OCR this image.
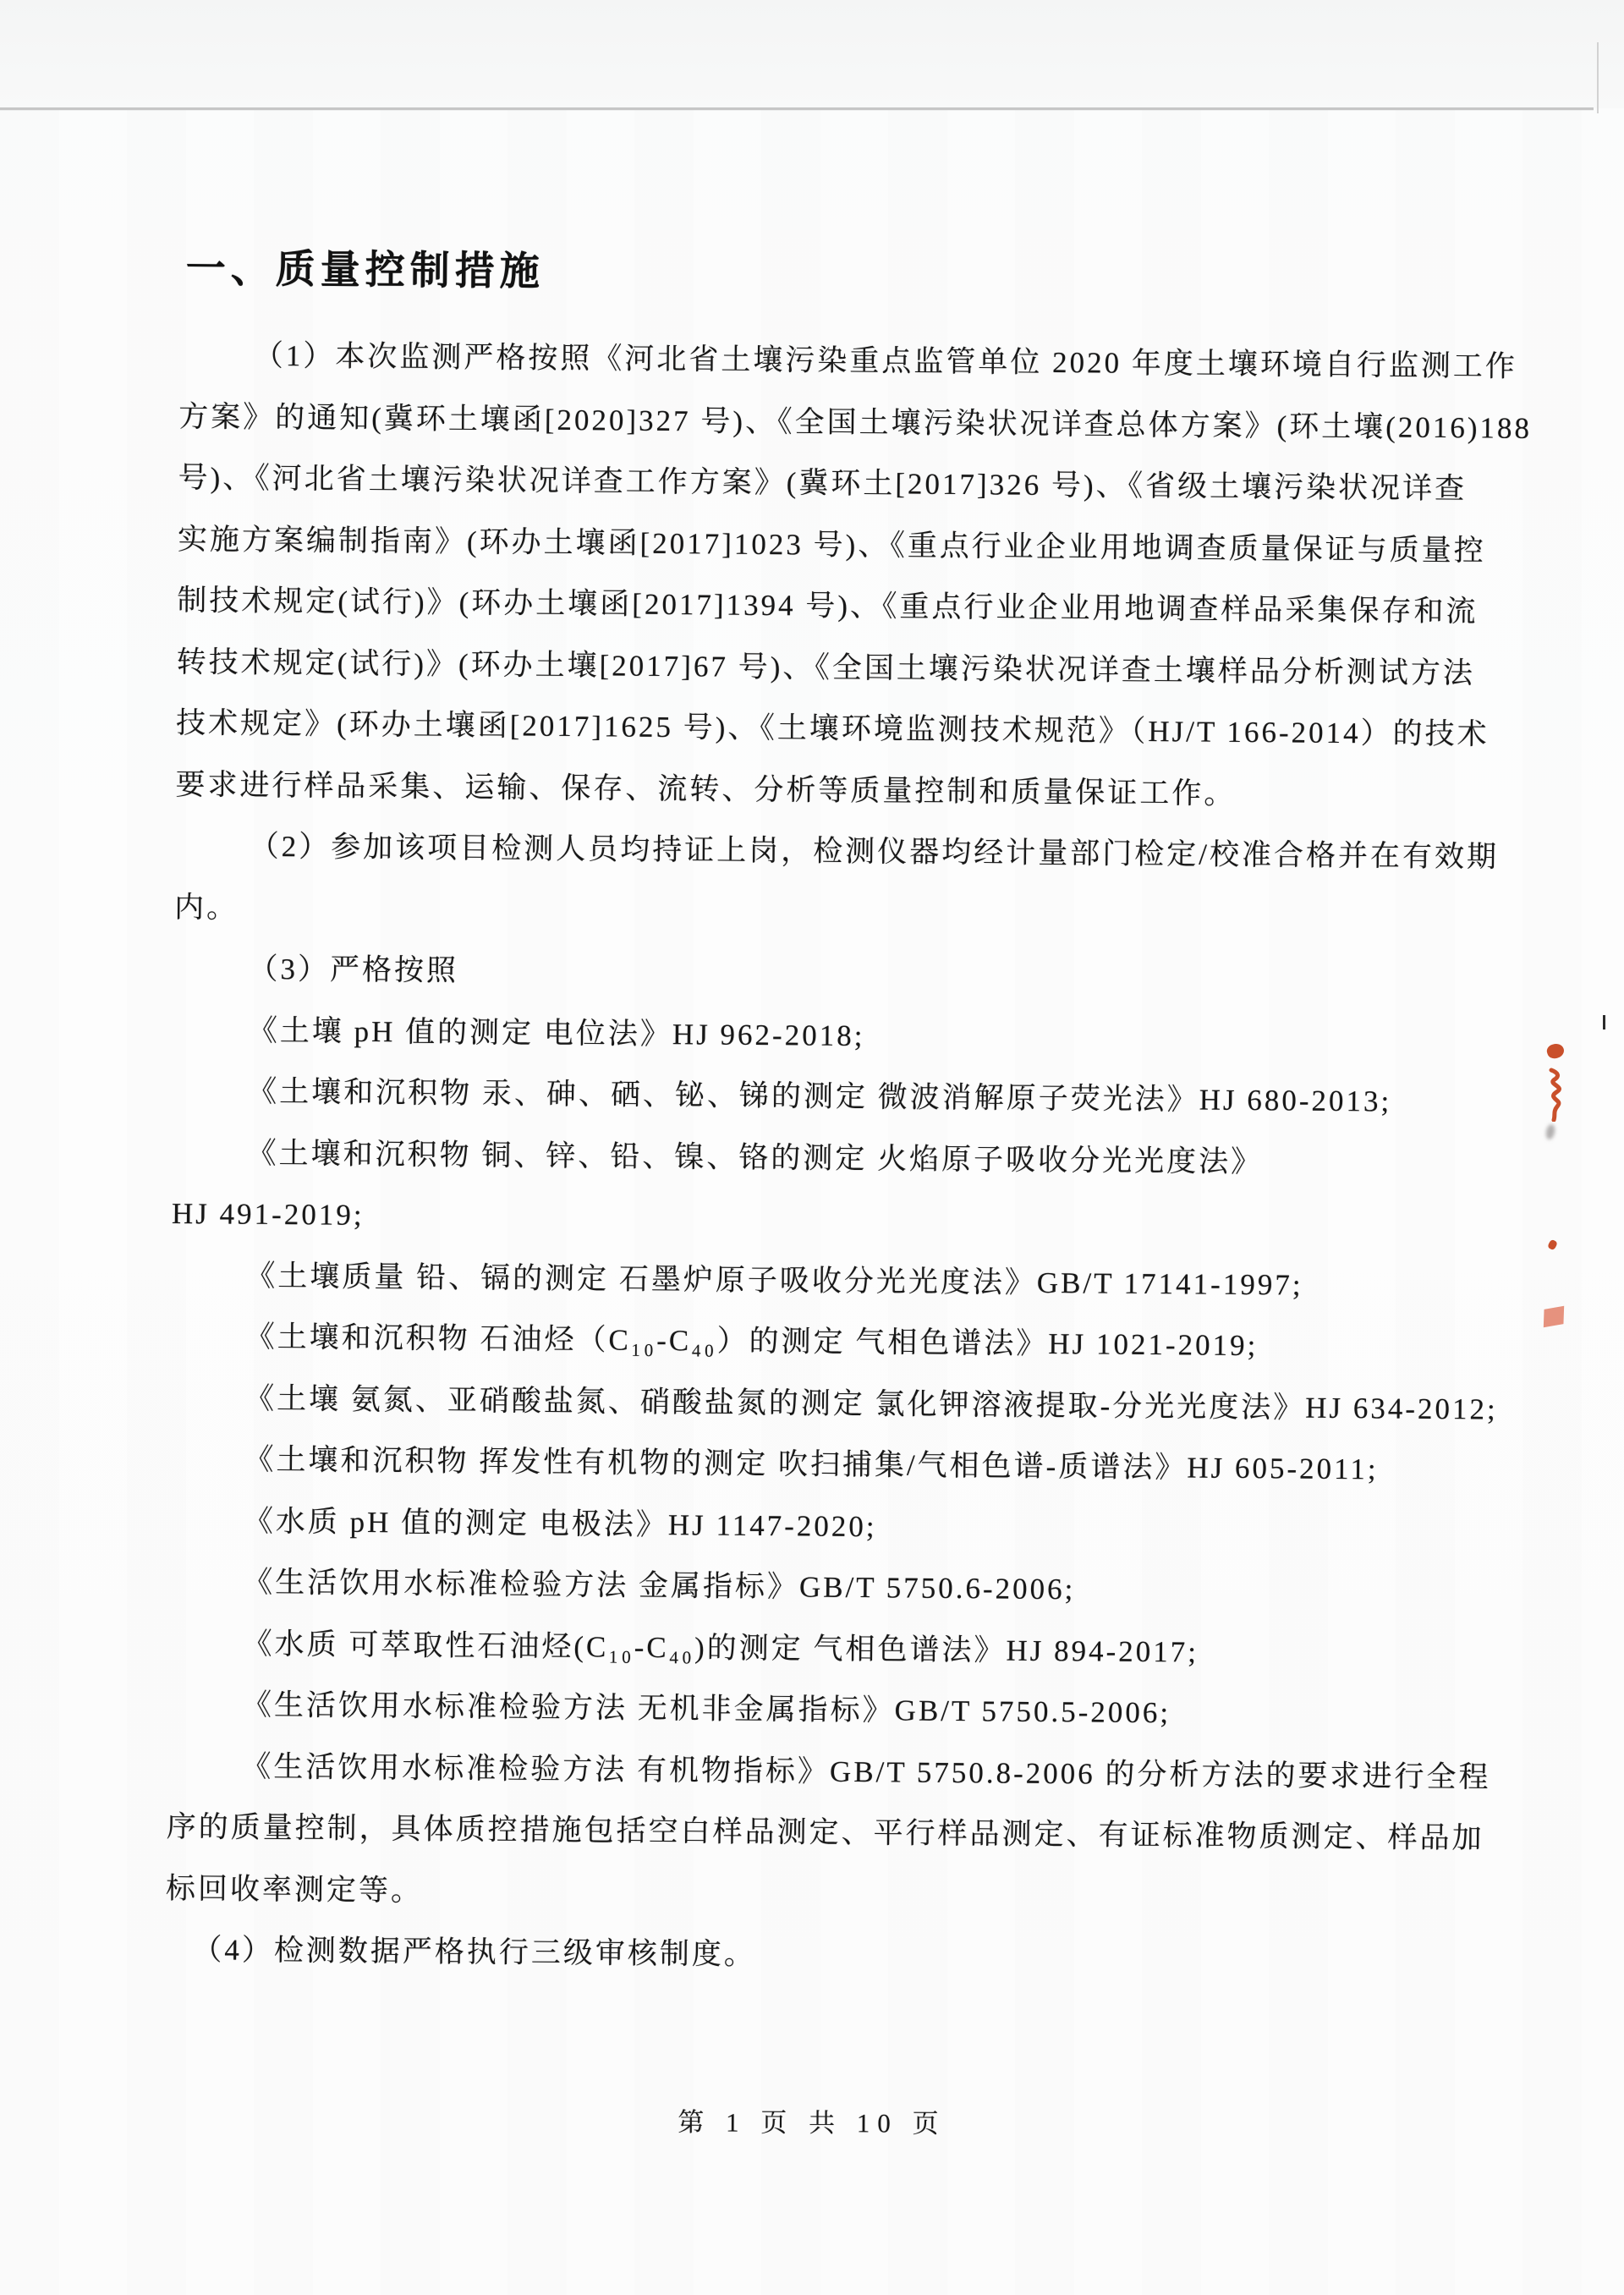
一、质量控制措施
（1）本次监测严格按照《河北省土壤污染重点监管单位 2020 年度土壤环境自行监测工作
方案》的通知(冀环土壤函[2020]327 号)、《全国土壤污染状况详查总体方案》(环土壤(2016)188
号)、《河北省土壤污染状况详查工作方案》(冀环土[2017]326 号)、《省级土壤污染状况详查
实施方案编制指南》(环办土壤函[2017]1023 号)、《重点行业企业用地调查质量保证与质量控
制技术规定(试行)》(环办土壤函[2017]1394 号)、《重点行业企业用地调查样品采集保存和流
转技术规定(试行)》(环办土壤[2017]67 号)、《全国土壤污染状况详查土壤样品分析测试方法
技术规定》(环办土壤函[2017]1625 号)、《土壤环境监测技术规范》（HJ/T 166-2014）的技术
要求进行样品采集、运输、保存、流转、分析等质量控制和质量保证工作。
（2）参加该项目检测人员均持证上岗，检测仪器均经计量部门检定/校准合格并在有效期
内。
（3）严格按照
《土壤 pH 值的测定 电位法》HJ 962-2018;
《土壤和沉积物 汞、砷、硒、铋、锑的测定 微波消解原子荧光法》HJ 680-2013;
《土壤和沉积物 铜、锌、铅、镍、铬的测定 火焰原子吸收分光光度法》
HJ 491-2019;
《土壤质量 铅、镉的测定 石墨炉原子吸收分光光度法》GB/T 17141-1997;
《土壤和沉积物 石油烃（C₁₀-C₄₀）的测定 气相色谱法》HJ 1021-2019;
《土壤 氨氮、亚硝酸盐氮、硝酸盐氮的测定 氯化钾溶液提取-分光光度法》HJ 634-2012;
《土壤和沉积物 挥发性有机物的测定 吹扫捕集/气相色谱-质谱法》HJ 605-2011;
《水质 pH 值的测定 电极法》HJ 1147-2020;
《生活饮用水标准检验方法 金属指标》GB/T 5750.6-2006;
《水质 可萃取性石油烃(C₁₀-C₄₀)的测定 气相色谱法》HJ 894-2017;
《生活饮用水标准检验方法 无机非金属指标》GB/T 5750.5-2006;
《生活饮用水标准检验方法 有机物指标》GB/T 5750.8-2006 的分析方法的要求进行全程
序的质量控制，具体质控措施包括空白样品测定、平行样品测定、有证标准物质测定、样品加
标回收率测定等。
（4）检测数据严格执行三级审核制度。
第 1 页 共 10 页
